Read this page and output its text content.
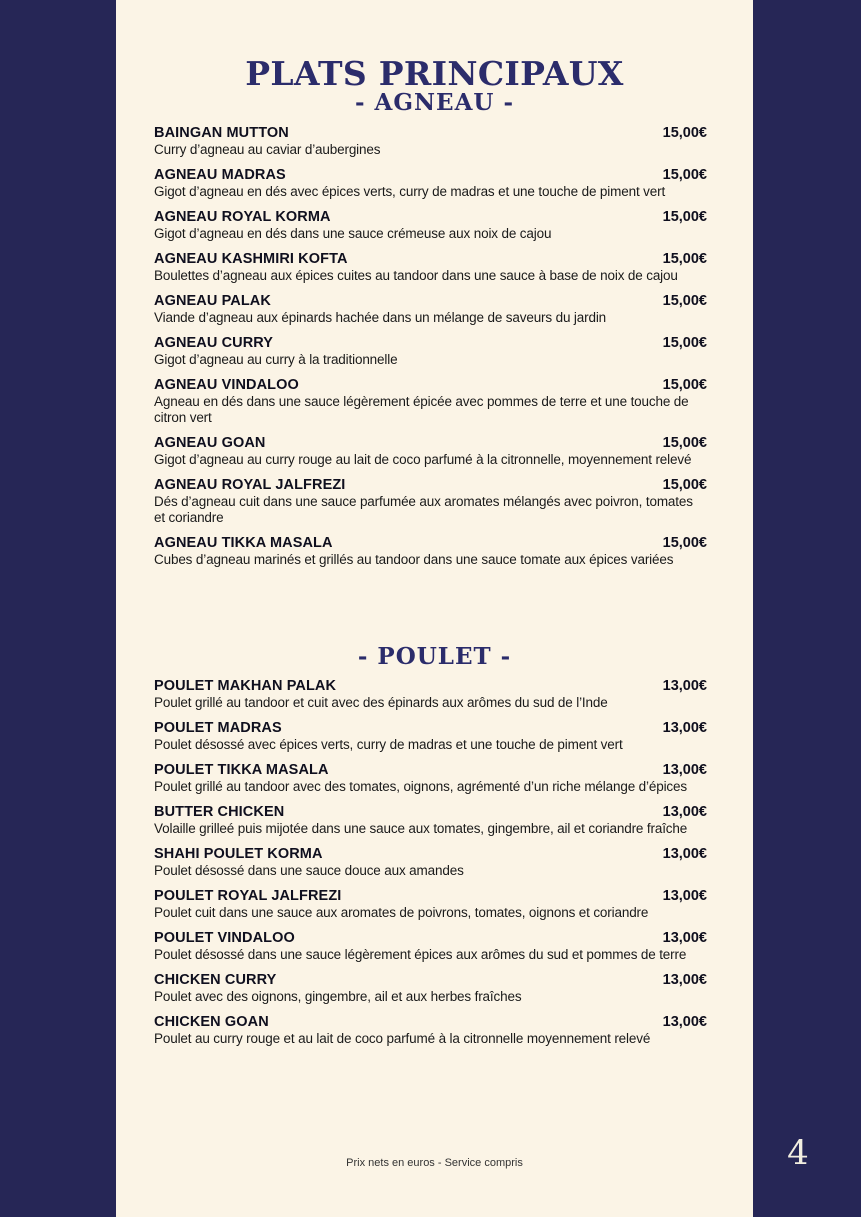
PLATS PRINCIPAUX
- AGNEAU -
BAINGAN MUTTON	15,00€
Curry d’agneau au caviar d’aubergines
AGNEAU MADRAS	15,00€
Gigot d’agneau en dés avec épices verts, curry de madras et une touche de piment vert
AGNEAU ROYAL KORMA	15,00€
Gigot d’agneau en dés dans une sauce crémeuse aux noix de cajou
AGNEAU KASHMIRI KOFTA	15,00€
Boulettes d’agneau aux épices cuites au tandoor dans une sauce à base de noix de cajou
AGNEAU PALAK	15,00€
Viande d’agneau aux épinards hachée dans un mélange de saveurs du jardin
AGNEAU CURRY	15,00€
Gigot d’agneau au curry à la traditionnelle
AGNEAU VINDALOO	15,00€
Agneau en dés dans une sauce légèrement épicée avec pommes de terre et une touche de citron vert
AGNEAU GOAN	15,00€
Gigot d’agneau au curry rouge au lait de coco parfumé à la citronnelle, moyennement relevé
AGNEAU ROYAL JALFREZI	15,00€
Dés d’agneau cuit dans une sauce parfumée aux aromates mélangés avec poivron, tomates et coriandre
AGNEAU TIKKA MASALA	15,00€
Cubes d’agneau marinés et grillés au tandoor dans une sauce tomate aux épices variées
- POULET -
POULET MAKHAN PALAK	13,00€
Poulet grillé au tandoor et cuit avec des épinards aux arômes du sud de l’Inde
POULET MADRAS	13,00€
Poulet désossé avec épices verts, curry de madras et une touche de piment vert
POULET TIKKA MASALA	13,00€
Poulet grillé au tandoor avec des tomates, oignons, agrémenté d’un riche mélange d’épices
BUTTER CHICKEN	13,00€
Volaille grilleé puis mijotée dans une sauce aux tomates, gingembre, ail et coriandre fraîche
SHAHI POULET KORMA	13,00€
Poulet désossé dans une sauce douce aux amandes
POULET ROYAL JALFREZI	13,00€
Poulet cuit dans une sauce aux aromates de poivrons, tomates, oignons et coriandre
POULET VINDALOO	13,00€
Poulet désossé dans une sauce légèrement épices aux arômes du sud et pommes de terre
CHICKEN CURRY	13,00€
Poulet avec des oignons, gingembre, ail et aux herbes fraîches
CHICKEN GOAN	13,00€
Poulet au curry rouge et au lait de coco parfumé à la citronnelle moyennement relevé
Prix nets en euros - Service compris	4
